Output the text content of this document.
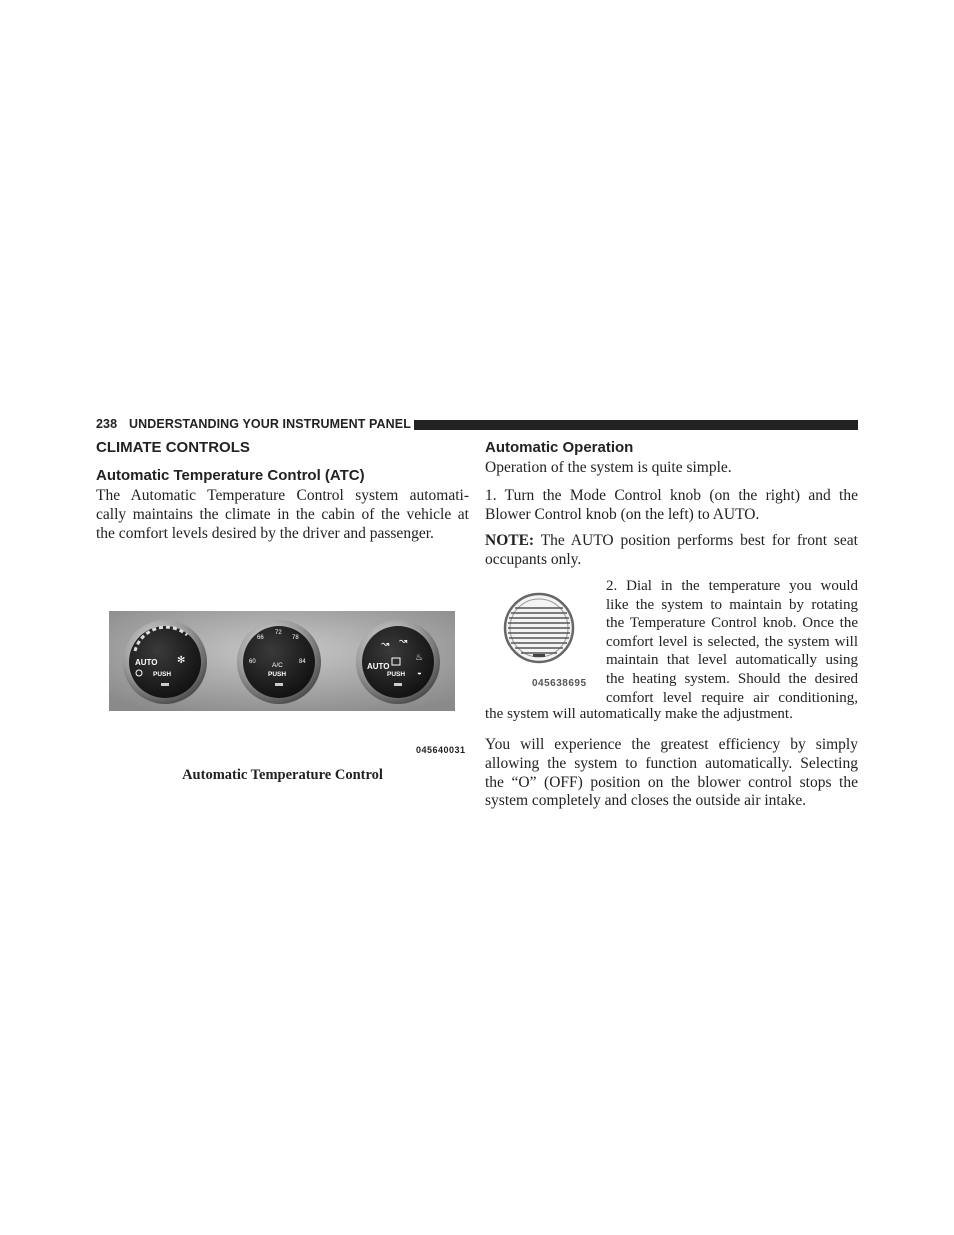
238 UNDERSTANDING YOUR INSTRUMENT PANEL
CLIMATE CONTROLS
Automatic Temperature Control (ATC)
The Automatic Temperature Control system automati-
cally maintains the climate in the cabin of the vehicle at
the comfort levels desired by the driver and passenger.
AUTO
PUSH
✻
66
72
78
60	84
A/C
PUSH
AUTO
PUSH
↝ ↝
♨
◒
045640031
Automatic Temperature Control
Automatic Operation
Operation of the system is quite simple.
1. Turn the Mode Control knob (on the right) and the
Blower Control knob (on the left) to AUTO.
NOTE: The AUTO position performs best for front seat
occupants only.
045638695
2. Dial in the temperature you would
like the system to maintain by rotating
the Temperature Control knob. Once the
comfort level is selected, the system will
maintain that level automatically using
the heating system. Should the desired
comfort level require air conditioning,
the system will automatically make the adjustment.
You will experience the greatest efficiency by simply
allowing the system to function automatically. Selecting
the “O” (OFF) position on the blower control stops the
system completely and closes the outside air intake.
